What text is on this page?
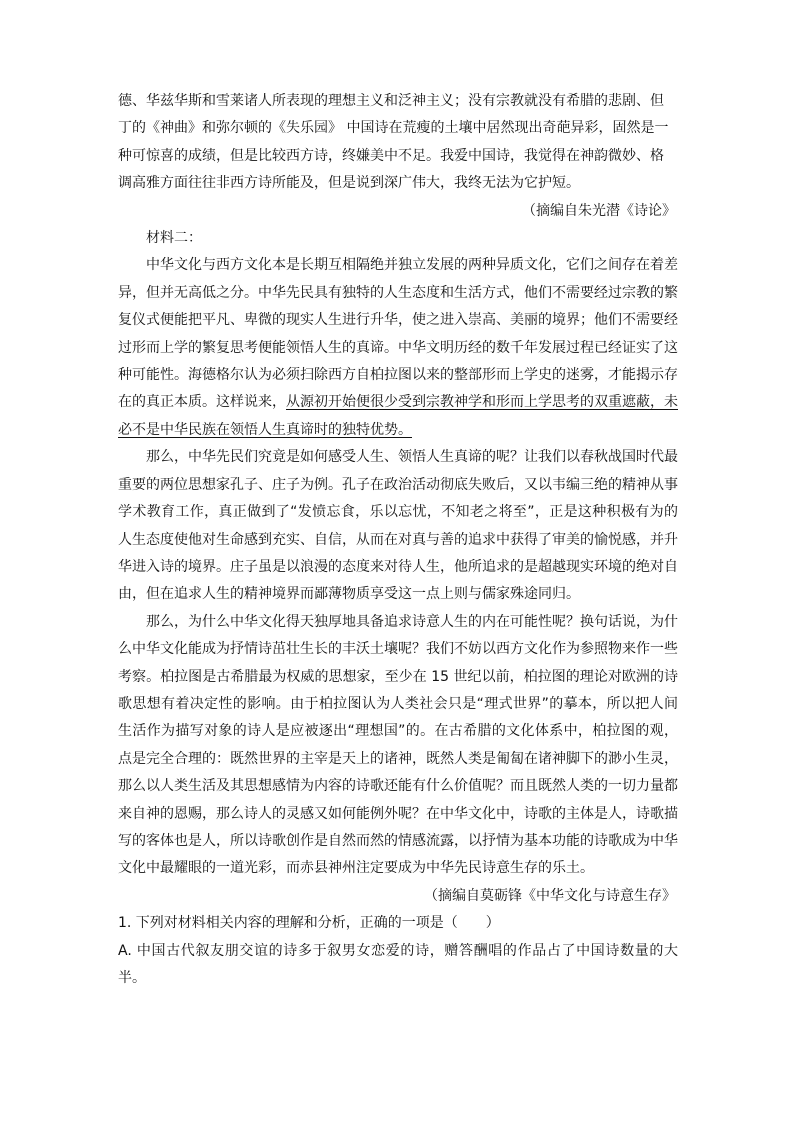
德、华兹华斯和雪莱诸人所表现的理想主义和泛神主义；没有宗教就没有希腊的悲剧、但

丁的《神曲》和弥尔顿的《失乐园》 中国诗在荒瘦的土壤中居然现出奇葩异彩，固然是一

种可惊喜的成绩，但是比较西方诗，终嫌美中不足。我爱中国诗，我觉得在神韵微妙、格

调高雅方面往往非西方诗所能及，但是说到深广伟大，我终无法为它护短。

（摘编自朱光潜《诗论》

材料二：

中华文化与西方文化本是长期互相隔绝并独立发展的两种异质文化，它们之间存在着差异，但并无高低之分。中华先民具有独特的人生态度和生活方式，他们不需要经过宗教的繁复仪式便能把平凡、卑微的现实人生进行升华，使之进入崇高、美丽的境界；他们不需要经过形而上学的繁复思考便能领悟人生的真谛。中华文明历经的数千年发展过程已经证实了这种可能性。海德格尔认为必须扫除西方自柏拉图以来的整部形而上学史的迷雾，才能揭示存在的真正本质。这样说来，从源初开始便很少受到宗教神学和形而上学思考的双重遮蔽，未必不是中华民族在领悟人生真谛时的独特优势。

那么，中华先民们究竟是如何感受人生、领悟人生真谛的呢？让我们以春秋战国时代最重要的两位思想家孔子、庄子为例。孔子在政治活动彻底失败后，又以韦编三绝的精神从事学术教育工作，真正做到了“发愤忘食，乐以忘忧，不知老之将至”，正是这种积极有为的人生态度使他对生命感到充实、自信，从而在对真与善的追求中获得了审美的愉悦感，并升华进入诗的境界。庄子虽是以浪漫的态度来对待人生，他所追求的是超越现实环境的绝对自由，但在追求人生的精神境界而鄙薄物质享受这一点上则与儒家殊途同归。

那么，为什么中华文化得天独厚地具备追求诗意人生的内在可能性呢？换句话说，为什么中华文化能成为抒情诗茁壮生长的丰沃土壤呢？我们不妨以西方文化作为参照物来作一些考察。柏拉图是古希腊最为权威的思想家，至少在 15 世纪以前，柏拉图的理论对欧洲的诗歌思想有着决定性的影响。由于柏拉图认为人类社会只是“理式世界”的摹本，所以把人间生活作为描写对象的诗人是应被逐出“理想国”的。在古希腊的文化体系中，柏拉图的观，点是完全合理的：既然世界的主宰是天上的诸神，既然人类是匍匐在诸神脚下的渺小生灵，那么以人类生活及其思想感情为内容的诗歌还能有什么价值呢？而且既然人类的一切力量都来自神的恩赐，那么诗人的灵感又如何能例外呢？在中华文化中，诗歌的主体是人，诗歌描写的客体也是人，所以诗歌创作是自然而然的情感流露，以抒情为基本功能的诗歌成为中华文化中最耀眼的一道光彩，而赤县神州注定要成为中华先民诗意生存的乐土。

（摘编自莫砺锋《中华文化与诗意生存》

1. 下列对材料相关内容的理解和分析，正确的一项是（　　）

A. 中国古代叙友朋交谊的诗多于叙男女恋爱的诗，赠答酬唱的作品占了中国诗数量的大半。
